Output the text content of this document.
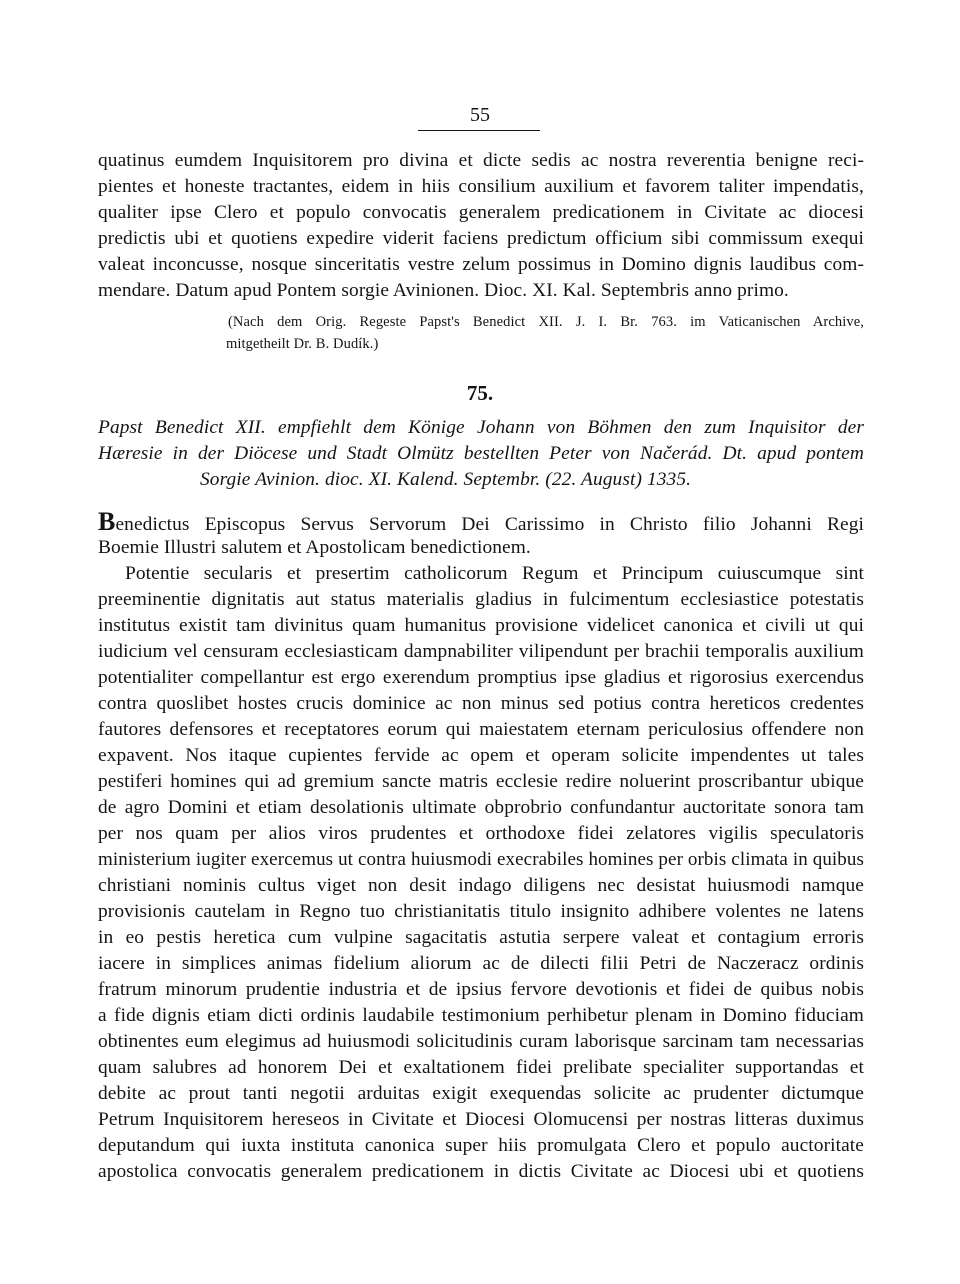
55
quatinus eumdem Inquisitorem pro divina et dicte sedis ac nostra reverentia benigne reci-
pientes et honeste tractantes, eidem in hiis consilium auxilium et favorem taliter impendatis,
qualiter ipse Clero et populo convocatis generalem predicationem in Civitate ac diocesi
predictis ubi et quotiens expedire viderit faciens predictum officium sibi commissum exequi
valeat inconcusse, nosque sinceritatis vestre zelum possimus in Domino dignis laudibus com-
mendare. Datum apud Pontem sorgie Avinionen. Dioc. XI. Kal. Septembris anno primo.
(Nach dem Orig. Regeste Papst's Benedict XII. J. I. Br. 763. im Vaticanischen Archive,
mitgetheilt Dr. B. Dudík.)
75.
Papst Benedict XII. empfiehlt dem Könige Johann von Böhmen den zum Inquisitor der
Hæresie in der Diöcese und Stadt Olmütz bestellten Peter von Načerád. Dt. apud pontem
Sorgie Avinion. dioc. XI. Kalend. Septembr. (22. August) 1335.
Benedictus Episcopus Servus Servorum Dei Carissimo in Christo filio Johanni Regi
Boemie Illustri salutem et Apostolicam benedictionem.
Potentie secularis et presertim catholicorum Regum et Principum cuiuscumque sint
preeminentie dignitatis aut status materialis gladius in fulcimentum ecclesiastice potestatis
institutus existit tam divinitus quam humanitus provisione videlicet canonica et civili ut qui
iudicium vel censuram ecclesiasticam dampnabiliter vilipendunt per brachii temporalis auxilium
potentialiter compellantur est ergo exerendum promptius ipse gladius et rigorosius exercendus
contra quoslibet hostes crucis dominice ac non minus sed potius contra hereticos credentes
fautores defensores et receptatores eorum qui maiestatem eternam periculosius offendere non
expavent. Nos itaque cupientes fervide ac opem et operam solicite impendentes ut tales
pestiferi homines qui ad gremium sancte matris ecclesie redire noluerint proscribantur ubique
de agro Domini et etiam desolationis ultimate obprobrio confundantur auctoritate sonora tam
per nos quam per alios viros prudentes et orthodoxe fidei zelatores vigilis speculatoris
ministerium iugiter exercemus ut contra huiusmodi execrabiles homines per orbis climata in quibus
christiani nominis cultus viget non desit indago diligens nec desistat huiusmodi namque
provisionis cautelam in Regno tuo christianitatis titulo insignito adhibere volentes ne latens
in eo pestis heretica cum vulpine sagacitatis astutia serpere valeat et contagium erroris
iacere in simplices animas fidelium aliorum ac de dilecti filii Petri de Naczeracz ordinis
fratrum minorum prudentie industria et de ipsius fervore devotionis et fidei de quibus nobis
a fide dignis etiam dicti ordinis laudabile testimonium perhibetur plenam in Domino fiduciam
obtinentes eum elegimus ad huiusmodi solicitudinis curam laborisque sarcinam tam necessarias
quam salubres ad honorem Dei et exaltationem fidei prelibate specialiter supportandas et
debite ac prout tanti negotii arduitas exigit exequendas solicite ac prudenter dictumque
Petrum Inquisitorem hereseos in Civitate et Diocesi Olomucensi per nostras litteras duximus
deputandum qui iuxta instituta canonica super hiis promulgata Clero et populo auctoritate
apostolica convocatis generalem predicationem in dictis Civitate ac Diocesi ubi et quotiens
